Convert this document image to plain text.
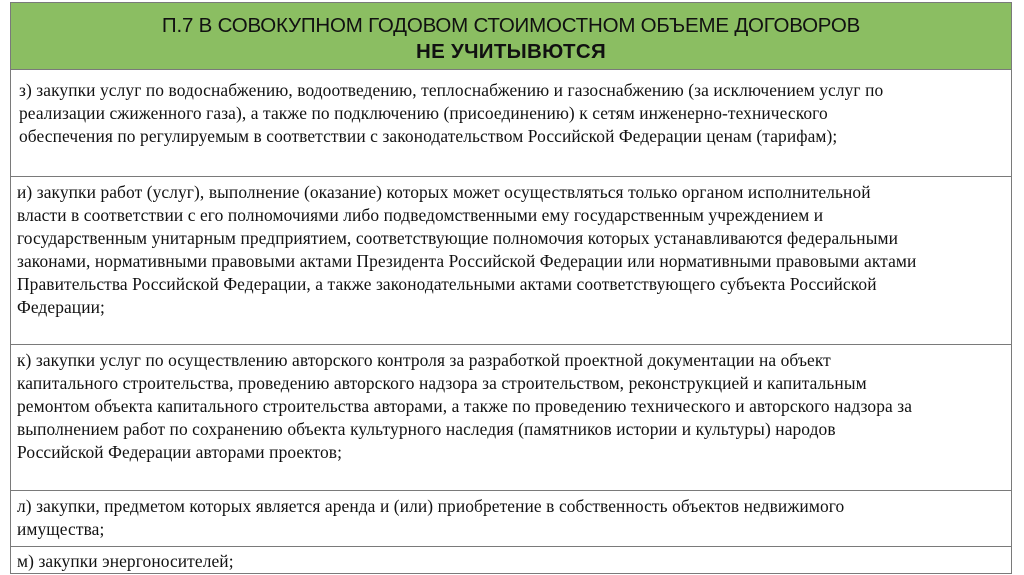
П.7 В СОВОКУПНОМ ГОДОВОМ СТОИМОСТНОМ ОБЪЕМЕ ДОГОВОРОВ
НЕ УЧИТЫВЮТСЯ
з) закупки услуг по водоснабжению, водоотведению, теплоснабжению и газоснабжению (за исключением услуг по
реализации сжиженного газа), а также по подключению (присоединению) к сетям инженерно-технического
обеспечения по регулируемым в соответствии с законодательством Российской Федерации ценам (тарифам);
и) закупки работ (услуг), выполнение (оказание) которых может осуществляться только органом исполнительной
власти в соответствии с его полномочиями либо подведомственными ему государственным учреждением и
государственным унитарным предприятием, соответствующие полномочия которых устанавливаются федеральными
законами, нормативными правовыми актами Президента Российской Федерации или нормативными правовыми актами
Правительства Российской Федерации, а также законодательными актами соответствующего субъекта Российской
Федерации;
к) закупки услуг по осуществлению авторского контроля за разработкой проектной документации на объект
капитального строительства, проведению авторского надзора за строительством, реконструкцией и капитальным
ремонтом объекта капитального строительства авторами, а также по проведению технического и авторского надзора за
выполнением работ по сохранению объекта культурного наследия (памятников истории и культуры) народов
Российской Федерации авторами проектов;
л) закупки, предметом которых является аренда и (или) приобретение в собственность объектов недвижимого
имущества;
м) закупки энергоносителей;
